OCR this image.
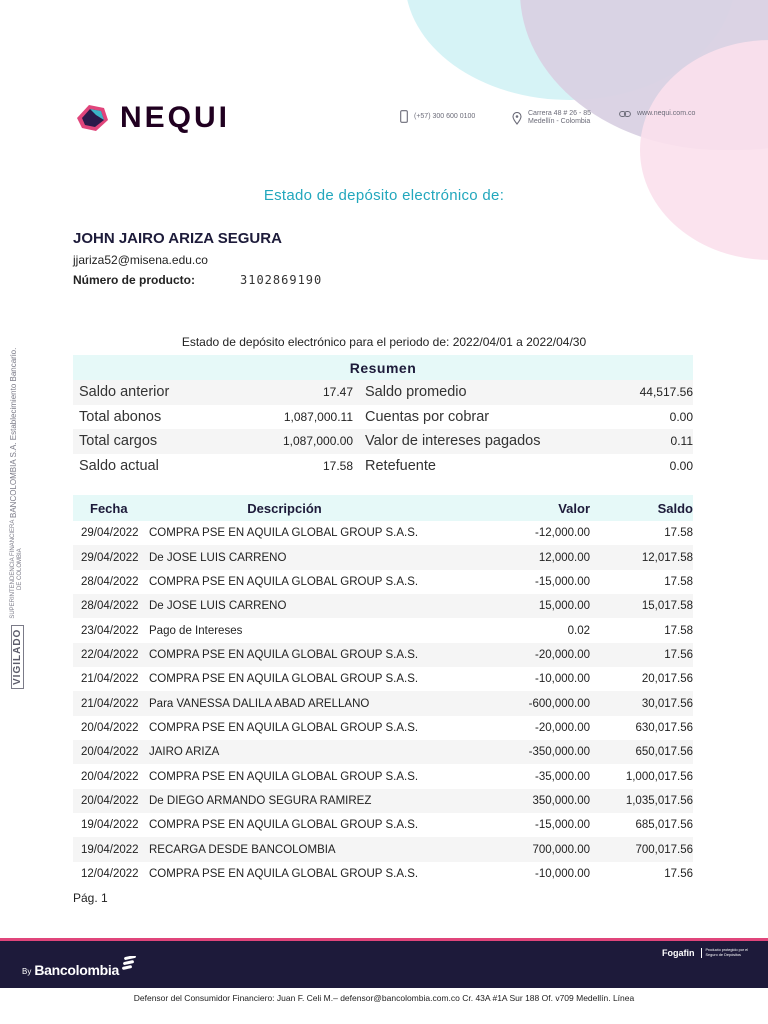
NEQUI	(+57) 300 600 0100	Carrera 48 # 26 - 85
Medellín - Colombia
www.nequi.com.co
Estado de depósito electrónico de:
JOHN JAIRO ARIZA SEGURA
jjariza52@misena.edu.co
Número de producto:	3102869190
Estado de depósito electrónico para el periodo de: 2022/04/01 a 2022/04/30
Resumen
Saldo anterior	17.47 Saldo promedio	44,517.56
Total abonos	1,087,000.11 Cuentas por cobrar	0.00
Total cargos	1,087,000.00 Valor de intereses pagados	0.11
Saldo actual	17.58 Retefuente	0.00
Fecha	Descripción	Valor	Saldo
29/04/2022 COMPRA PSE EN AQUILA GLOBAL GROUP S.A.S.	-12,000.00	17.58
29/04/2022 De JOSE LUIS CARRENO	12,000.00	12,017.58
28/04/2022 COMPRA PSE EN AQUILA GLOBAL GROUP S.A.S.	-15,000.00	17.58
28/04/2022 De JOSE LUIS CARRENO	15,000.00	15,017.58
23/04/2022 Pago de Intereses	0.02	17.58
22/04/2022 COMPRA PSE EN AQUILA GLOBAL GROUP S.A.S.	-20,000.00	17.56
21/04/2022 COMPRA PSE EN AQUILA GLOBAL GROUP S.A.S.	-10,000.00	20,017.56
21/04/2022 Para VANESSA DALILA ABAD ARELLANO	-600,000.00	30,017.56
20/04/2022 COMPRA PSE EN AQUILA GLOBAL GROUP S.A.S.	-20,000.00	630,017.56
20/04/2022 JAIRO ARIZA	-350,000.00	650,017.56
20/04/2022 COMPRA PSE EN AQUILA GLOBAL GROUP S.A.S.	-35,000.00	1,000,017.56
20/04/2022 De DIEGO ARMANDO SEGURA RAMIREZ	350,000.00	1,035,017.56
19/04/2022 COMPRA PSE EN AQUILA GLOBAL GROUP S.A.S.	-15,000.00	685,017.56
19/04/2022 RECARGA DESDE BANCOLOMBIA	700,000.00	700,017.56
12/04/2022 COMPRA PSE EN AQUILA GLOBAL GROUP S.A.S.	-10,000.00	17.56
Pág. 1
BANCOLOMBIA S.A. Establecimiento Bancario.
VIGILADO
SUPERINTENDENCIA FINANCIERA DE COLOMBIA
By Bancolombia
Fogafin	Producto protegido por el Seguro de Depósitos
Defensor del Consumidor Financiero: Juan F. Celi M.– defensor@bancolombia.com.co Cr. 43A #1A Sur 188 Of. v709 Medellín. Línea
